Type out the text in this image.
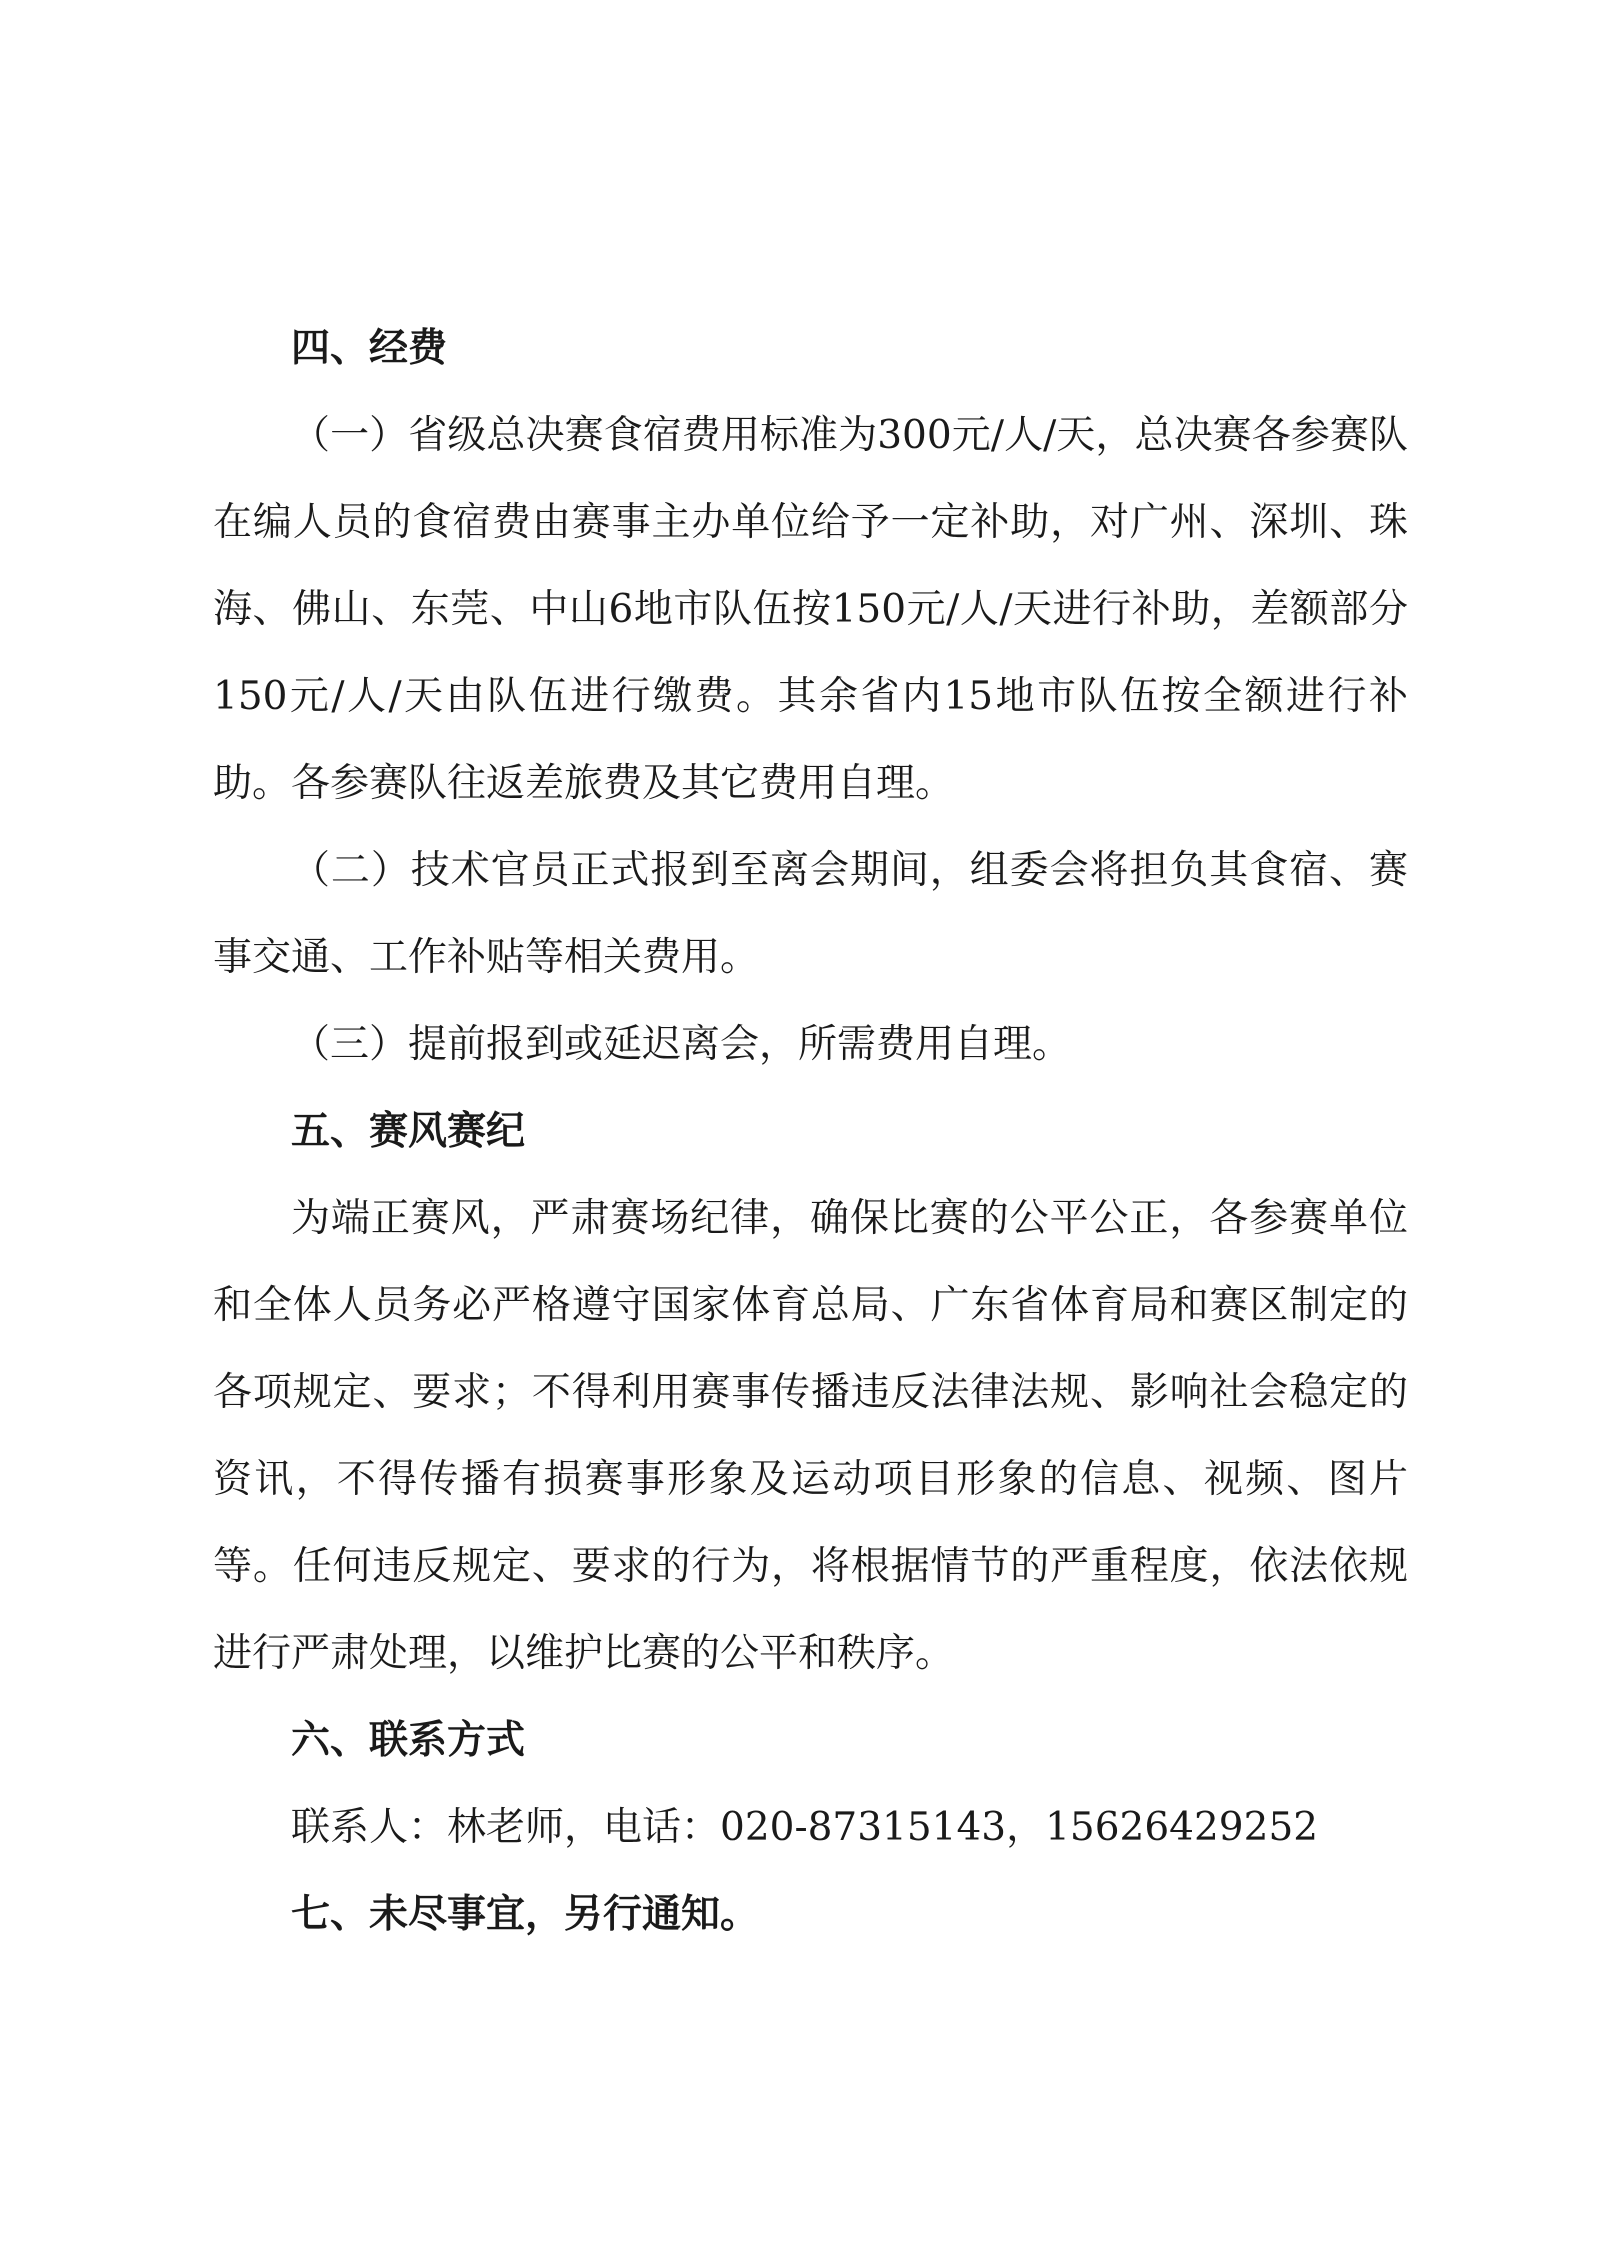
四、经费

（一）省级总决赛食宿费用标准为300元/人/天，总决赛各参赛队在编人员的食宿费由赛事主办单位给予一定补助，对广州、深圳、珠海、佛山、东莞、中山6地市队伍按150元/人/天进行补助，差额部分150元/人/天由队伍进行缴费。其余省内15地市队伍按全额进行补助。各参赛队往返差旅费及其它费用自理。

（二）技术官员正式报到至离会期间，组委会将担负其食宿、赛事交通、工作补贴等相关费用。

（三）提前报到或延迟离会，所需费用自理。

五、赛风赛纪

为端正赛风，严肃赛场纪律，确保比赛的公平公正，各参赛单位和全体人员务必严格遵守国家体育总局、广东省体育局和赛区制定的各项规定、要求；不得利用赛事传播违反法律法规、影响社会稳定的资讯，不得传播有损赛事形象及运动项目形象的信息、视频、图片等。任何违反规定、要求的行为，将根据情节的严重程度，依法依规进行严肃处理，以维护比赛的公平和秩序。

六、联系方式

联系人：林老师，电话：020-87315143，15626429252

七、未尽事宜，另行通知。
